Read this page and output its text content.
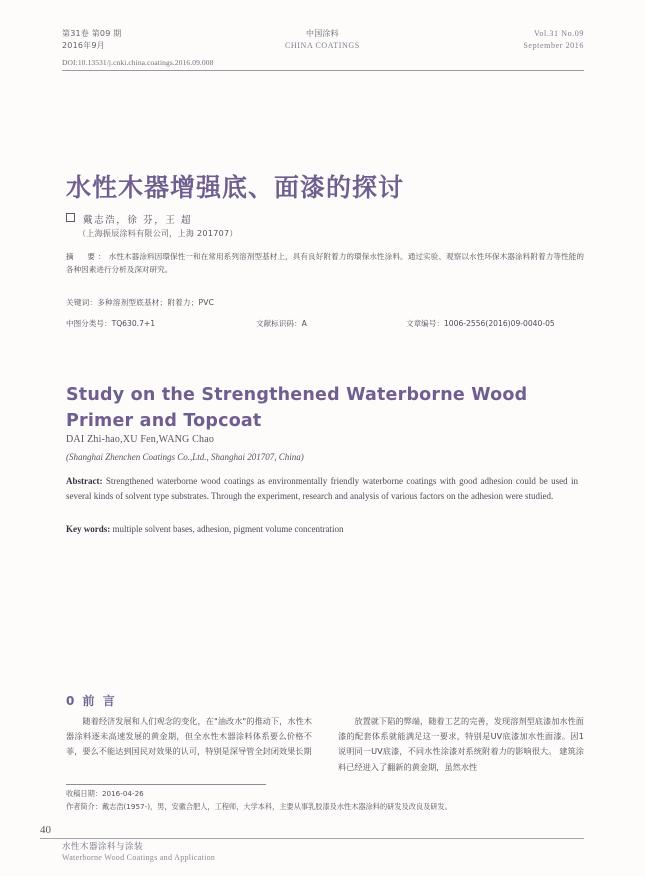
第31卷 第09 期
2016年9月
中国涂料
CHINA COATINGS
Vol.31 No.09
September 2016
DOI:10.13531/j.cnki.china.coatings.2016.09.008
水性木器增强底、面漆的探讨
戴志浩，徐 芬，王 超
（上海振辰涂料有限公司，上海 201707）
摘　要：水性木器涂料因環保性一和在常用系列溶剂型基材上，具有良好附着力的環保水性涂料。通过实验、观察以水性环保木器涂料附着力等性能的各种因素进行分析及深对研究。
关键词：多种溶剂型底基材；附着力；PVC
中图分类号：TQ630.7+1	文献标识码：A	文章编号：1006-2556(2016)09-0040-05
Study on the Strengthened Waterborne Wood Primer and Topcoat
DAI Zhi-hao,XU Fen,WANG Chao
(Shanghai Zhenchen Coatings Co.,Ltd., Shanghai 201707, China)
Abstract: Strengthened waterborne wood coatings as environmentally friendly waterborne coatings with good adhesion could be used in several kinds of solvent type substrates. Through the experiment, research and analysis of various factors on the adhesion were studied.
Key words: multiple solvent bases, adhesion, pigment volume concentration
0 前 言

随着经济发展和人们观念的变化，在"油改水"的推动下，水性木器涂料逐未高速发展的黄金期，但全水性木器涂料体系要么价格不菲，要么不能达到国民对效果的认可，特别是深导管全封闭效果长期

放置就下陷的弊端，随着工艺的完善，发现溶剂型底漆加水性面漆的配套体系就能满足这一要求，特别是UV底漆加水性面漆。因1说明同一UV底漆，不同水性涂漆对系统附着力的影响很大。 建筑涂料已经进入了翻新的黄金期，虽然水性

收稿日期：2016-04-26
作者简介：戴志浩(1957-)，男，安徽合肥人，工程师，大学本科，主要从事乳胶漆及水性木器涂料的研发及改良及研发。
40
水性木器涂料与涂装
Waterborne Wood Coatings and Application
